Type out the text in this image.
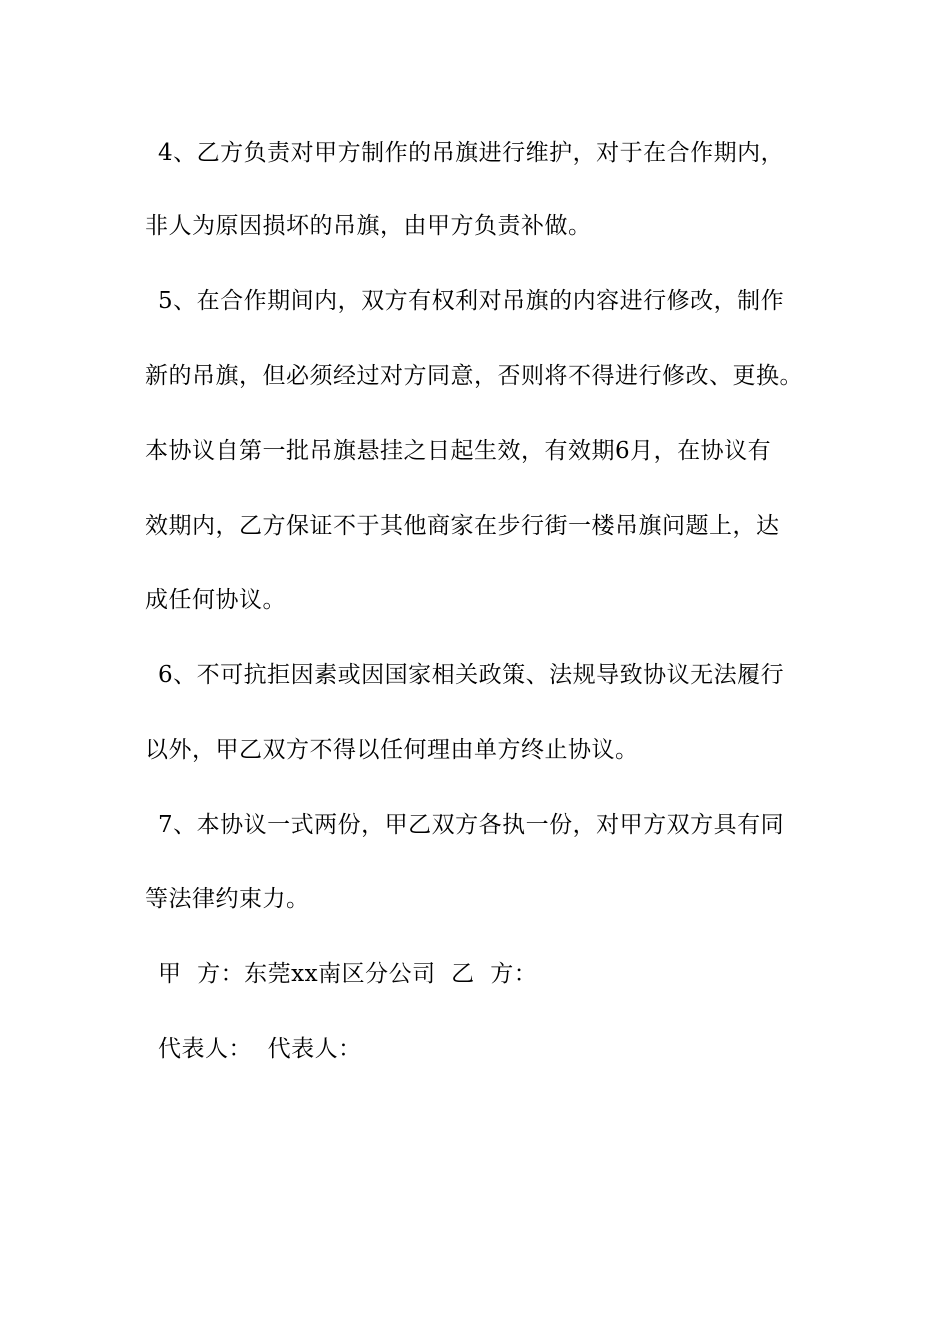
4、乙方负责对甲方制作的吊旗进行维护，对于在合作期内，
非人为原因损坏的吊旗，由甲方负责补做。
5、在合作期间内，双方有权利对吊旗的内容进行修改，制作
新的吊旗，但必须经过对方同意，否则将不得进行修改、更换。
本协议自第一批吊旗悬挂之日起生效，有效期6月，在协议有
效期内，乙方保证不于其他商家在步行街一楼吊旗问题上，达
成任何协议。
6、不可抗拒因素或因国家相关政策、法规导致协议无法履行
以外，甲乙双方不得以任何理由单方终止协议。
7、本协议一式两份，甲乙双方各执一份，对甲方双方具有同
等法律约束力。
甲  方：东莞xx南区分公司  乙  方：
代表人：  代表人：
